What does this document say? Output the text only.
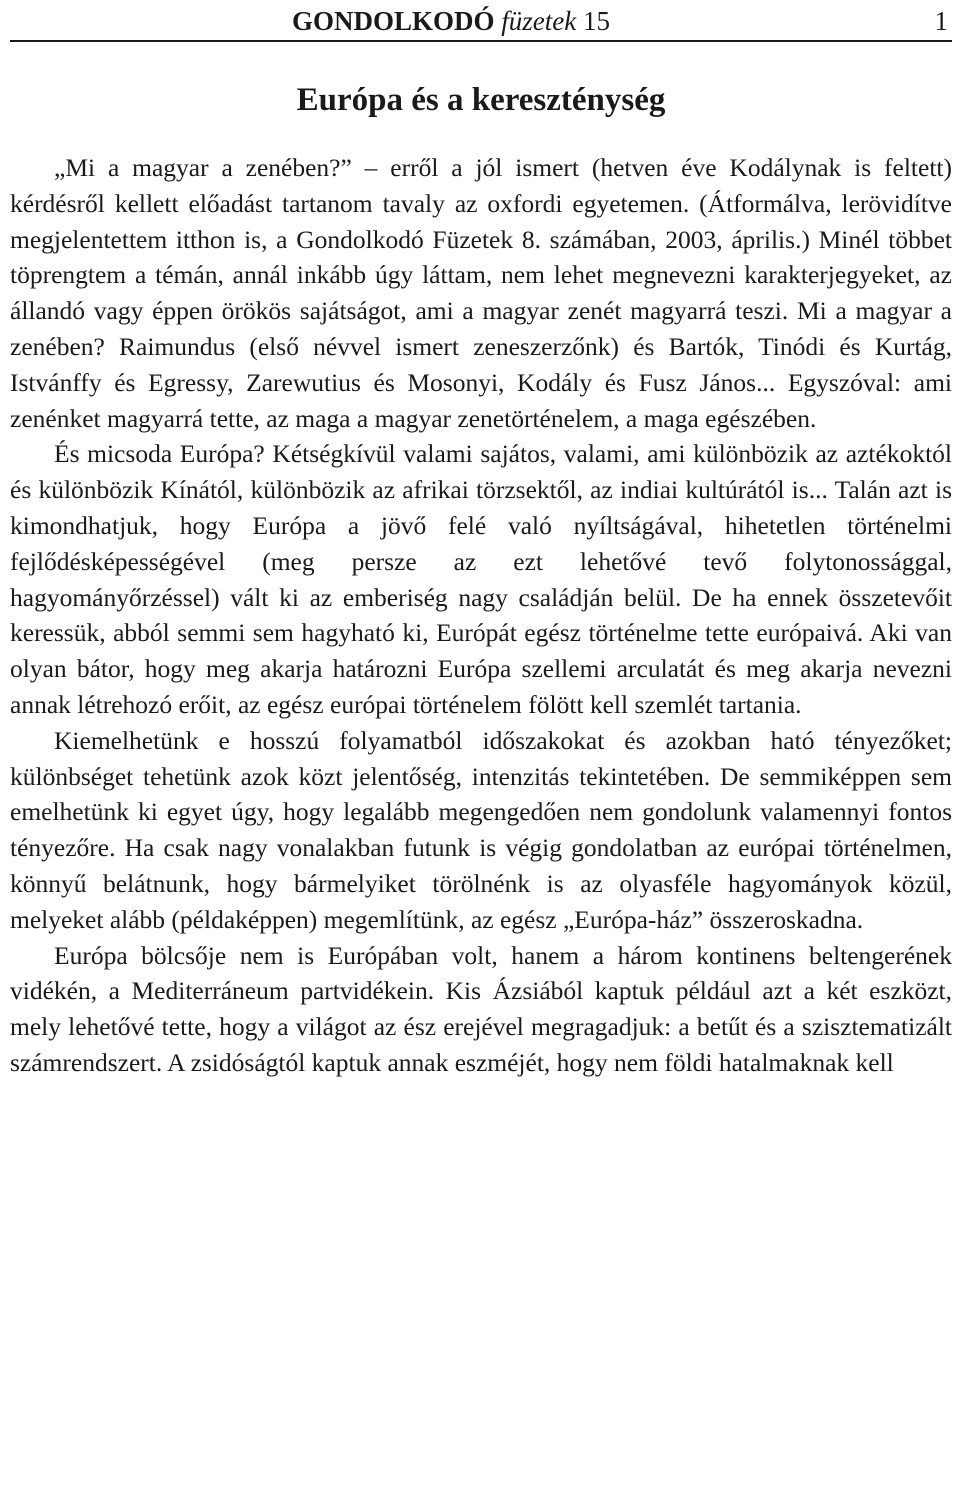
GONDOLKODÓ füzetek 15	1
Európa és a kereszténység

„Mi a magyar a zenében?” – erről a jól ismert (hetven éve Kodálynak is feltett) kérdésről kellett előadást tartanom tavaly az oxfordi egyetemen. (Átformálva, lerövidítve megjelentettem itthon is, a Gondolkodó Füzetek 8. számában, 2003, április.) Minél többet töprengtem a témán, annál inkább úgy láttam, nem lehet megnevezni karakterjegyeket, az állandó vagy éppen örökös sajátságot, ami a magyar zenét magyarrá teszi. Mi a magyar a zenében? Raimundus (első névvel ismert zeneszerzőnk) és Bartók, Tinódi és Kurtág, Istvánffy és Egressy, Zarewutius és Mosonyi, Kodály és Fusz János... Egyszóval: ami zenénket magyarrá tette, az maga a magyar zenetörténelem, a maga egészében.

És micsoda Európa? Kétségkívül valami sajátos, valami, ami különbözik az aztékoktól és különbözik Kínától, különbözik az afrikai törzsektől, az indiai kultúrától is... Talán azt is kimondhatjuk, hogy Európa a jövő felé való nyíltságával, hihetetlen történelmi fejlődésképességével (meg persze az ezt lehetővé tevő folytonossággal, hagyományőrzéssel) vált ki az emberiség nagy családján belül. De ha ennek összetevőit keressük, abból semmi sem hagyható ki, Európát egész történelme tette európaivá. Aki van olyan bátor, hogy meg akarja határozni Európa szellemi arculatát és meg akarja nevezni annak létrehozó erőit, az egész európai történelem fölött kell szemlét tartania.

Kiemelhetünk e hosszú folyamatból időszakokat és azokban ható tényezőket; különbséget tehetünk azok közt jelentőség, intenzitás tekintetében. De semmiképpen sem emelhetünk ki egyet úgy, hogy legalább megengedően nem gondolunk valamennyi fontos tényezőre. Ha csak nagy vonalakban futunk is végig gondolatban az európai történelmen, könnyű belátnunk, hogy bármelyiket törölnénk is az olyasféle hagyományok közül, melyeket alább (példaképpen) megemlítünk, az egész „Európa-ház” összeroskadna.

Európa bölcsője nem is Európában volt, hanem a három kontinens beltengerének vidékén, a Mediterráneum partvidékein. Kis Ázsiából kaptuk például azt a két eszközt, mely lehetővé tette, hogy a világot az ész erejével megragadjuk: a betűt és a szisztematizált számrendszert. A zsidóságtól kaptuk annak eszméjét, hogy nem földi hatalmaknak kell
